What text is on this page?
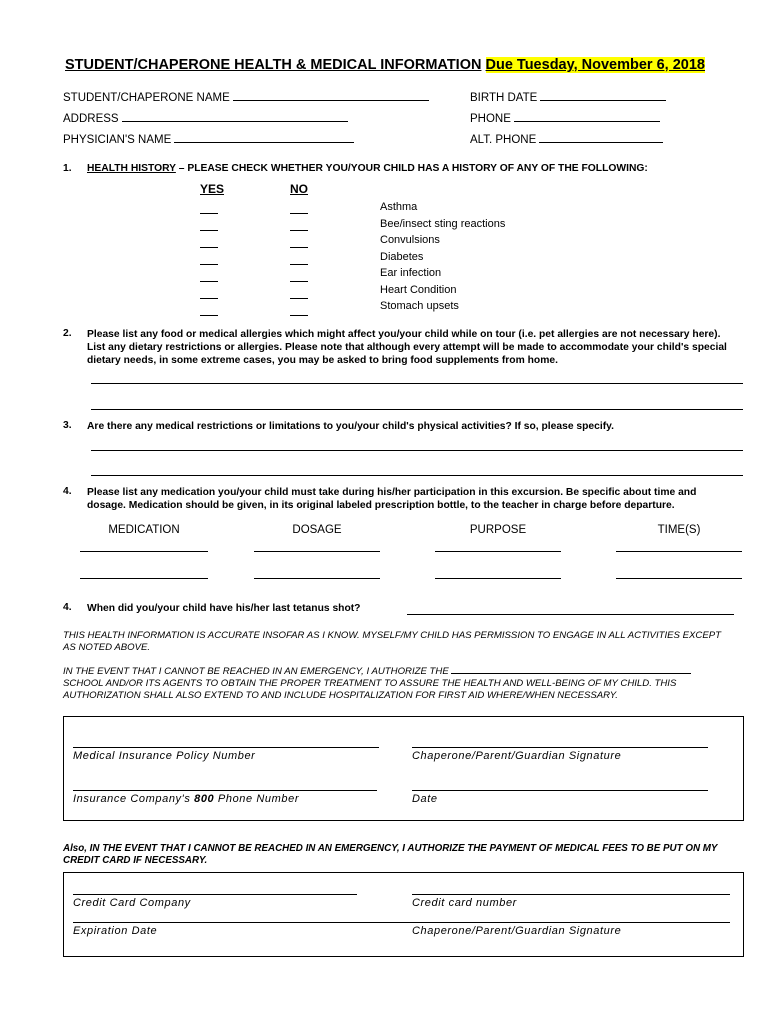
STUDENT/CHAPERONE HEALTH & MEDICAL INFORMATION Due Tuesday, November 6, 2018
STUDENT/CHAPERONE NAME	BIRTH DATE
ADDRESS	PHONE
PHYSICIAN'S NAME	ALT. PHONE
1. HEALTH HISTORY – PLEASE CHECK WHETHER YOU/YOUR CHILD HAS A HISTORY OF ANY OF THE FOLLOWING:
YES	NO
Asthma
Bee/insect sting reactions
Convulsions
Diabetes
Ear infection
Heart Condition
Stomach upsets
2. Please list any food or medical allergies which might affect you/your child while on tour (i.e. pet allergies are not necessary here). List any dietary restrictions or allergies. Please note that although every attempt will be made to accommodate your child's special dietary needs, in some extreme cases, you may be asked to bring food supplements from home.
3. Are there any medical restrictions or limitations to you/your child's physical activities? If so, please specify.
4. Please list any medication you/your child must take during his/her participation in this excursion. Be specific about time and dosage. Medication should be given, in its original labeled prescription bottle, to the teacher in charge before departure.
MEDICATION	DOSAGE	PURPOSE	TIME(S)
4. When did you/your child have his/her last tetanus shot?
THIS HEALTH INFORMATION IS ACCURATE INSOFAR AS I KNOW. MYSELF/MY CHILD HAS PERMISSION TO ENGAGE IN ALL ACTIVITIES EXCEPT AS NOTED ABOVE.
IN THE EVENT THAT I CANNOT BE REACHED IN AN EMERGENCY, I AUTHORIZE THE
SCHOOL AND/OR ITS AGENTS TO OBTAIN THE PROPER TREATMENT TO ASSURE THE HEALTH AND WELL-BEING OF MY CHILD. THIS AUTHORIZATION SHALL ALSO EXTEND TO AND INCLUDE HOSPITALIZATION FOR FIRST AID WHERE/WHEN NECESSARY.
Medical Insurance Policy Number	Chaperone/Parent/Guardian Signature
Insurance Company's 800 Phone Number	Date
Also, IN THE EVENT THAT I CANNOT BE REACHED IN AN EMERGENCY, I AUTHORIZE THE PAYMENT OF MEDICAL FEES TO BE PUT ON MY CREDIT CARD IF NECESSARY.
Credit Card Company	Credit card number
Expiration Date	Chaperone/Parent/Guardian Signature
